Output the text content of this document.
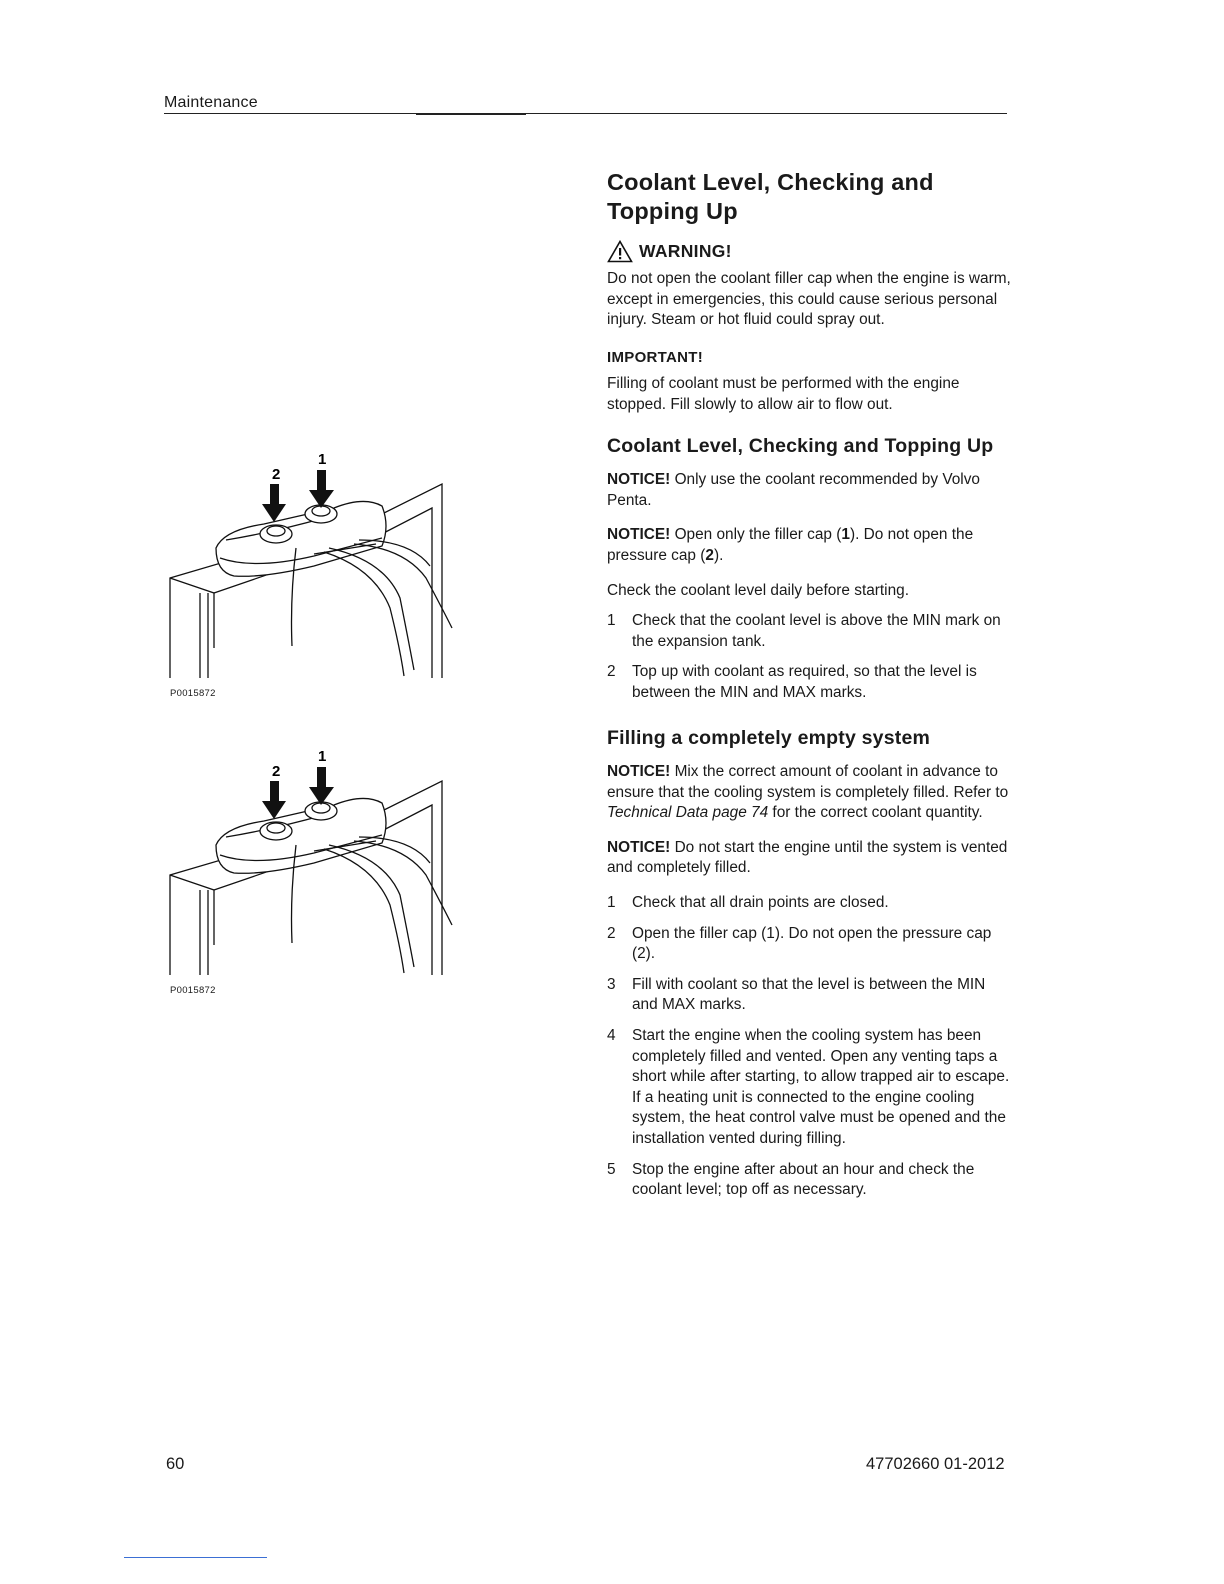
Maintenance
2
1
P0015872
2
1
P0015872
Coolant Level, Checking and Topping Up
WARNING!

Do not open the coolant filler cap when the engine is warm, except in emergencies, this could cause serious personal injury. Steam or hot fluid could spray out.

IMPORTANT!

Filling of coolant must be performed with the engine stopped. Fill slowly to allow air to flow out.

Coolant Level, Checking and Topping Up

NOTICE! Only use the coolant recommended by Volvo Penta.

NOTICE! Open only the filler cap (1). Do not open the pressure cap (2).

Check the coolant level daily before starting.

1 Check that the coolant level is above the MIN mark on the expansion tank.
2 Top up with coolant as required, so that the level is between the MIN and MAX marks.
Filling a completely empty system

NOTICE! Mix the correct amount of coolant in advance to ensure that the cooling system is completely filled. Refer to Technical Data page 74 for the correct coolant quantity.

NOTICE! Do not start the engine until the system is vented and completely filled.

1 Check that all drain points are closed.
2 Open the filler cap (1). Do not open the pressure cap (2).
3 Fill with coolant so that the level is between the MIN and MAX marks.
4 Start the engine when the cooling system has been completely filled and vented. Open any venting taps a short while after starting, to allow trapped air to escape.
If a heating unit is connected to the engine cooling system, the heat control valve must be opened and the installation vented during filling.
5 Stop the engine after about an hour and check the coolant level; top off as necessary.
60	47702660 01-2012
